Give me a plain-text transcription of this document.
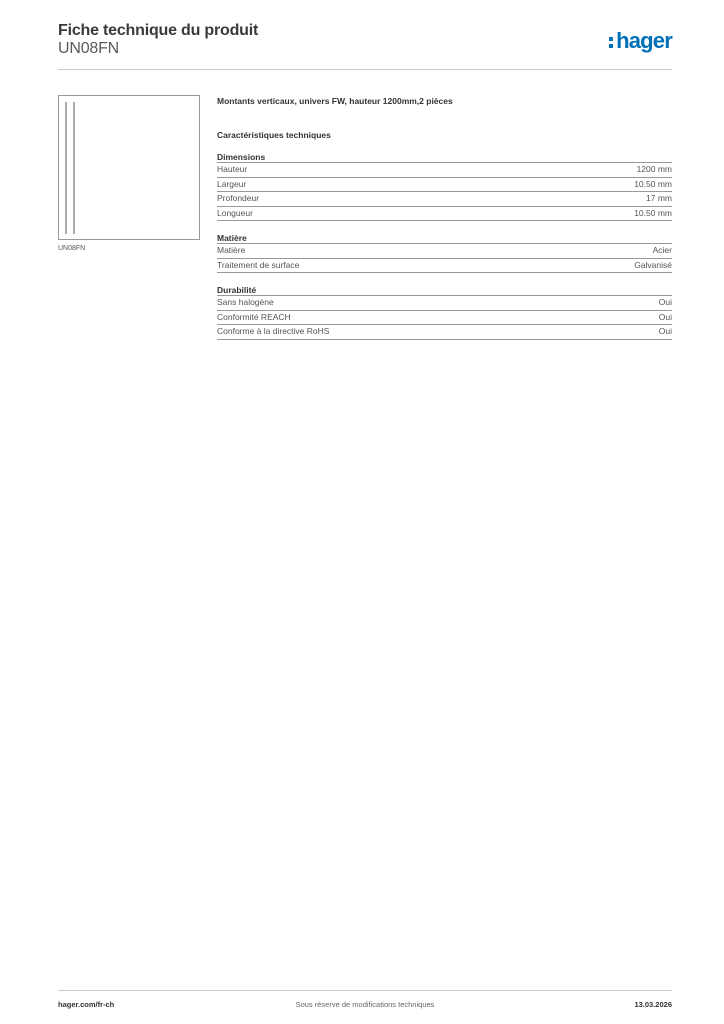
Fiche technique du produit
UN08FN	hager
UN08FN
Montants verticaux, univers FW, hauteur 1200mm,2 pièces
Caractéristiques techniques
Dimensions
Hauteur	1200 mm
Largeur	10.50 mm
Profondeur	17 mm
Longueur	10.50 mm
Matière
Matière	Acier
Traitement de surface	Galvanisé
Durabilité
Sans halogène	Oui
Conformité REACH	Oui
Conforme à la directive RoHS	Oui
hager.com/fr-ch	Sous réserve de modifications techniques	13.03.2026
